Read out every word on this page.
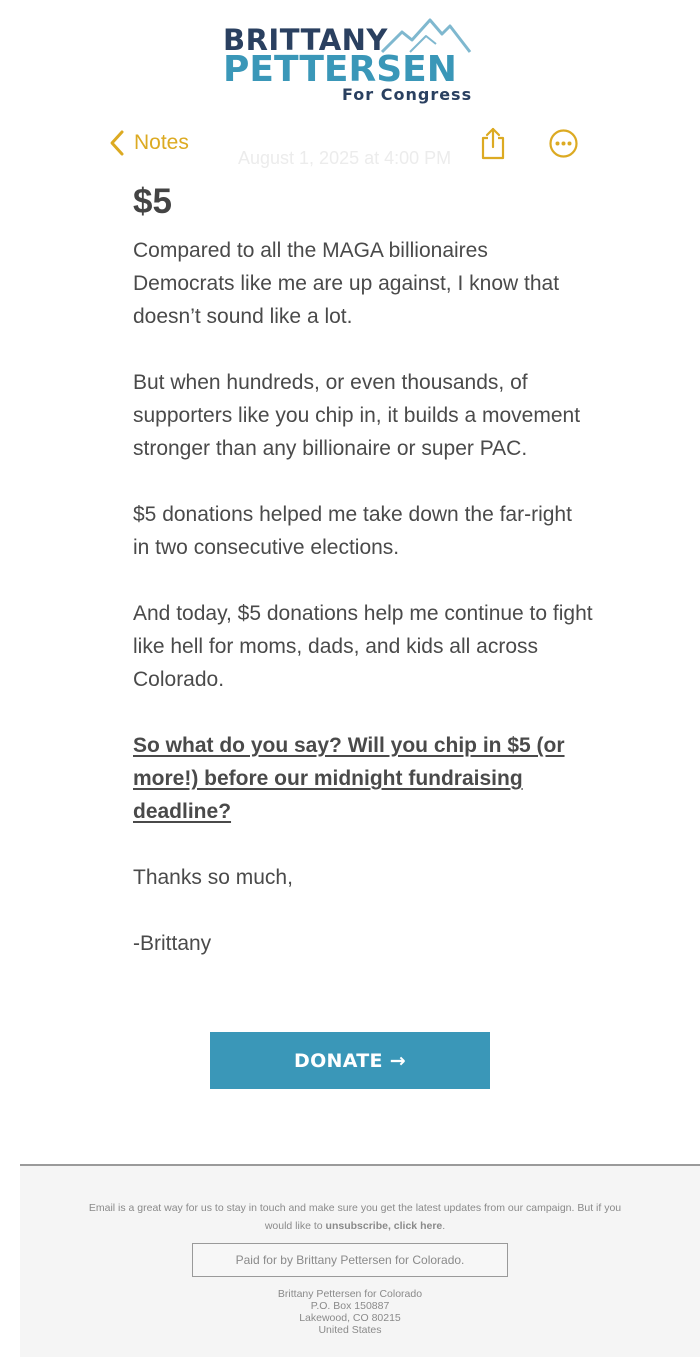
BRITTANY
PETTERSEN
For Congress
Notes
August 1, 2025 at 4:00 PM
$5

Compared to all the MAGA billionaires Democrats like me are up against, I know that doesn’t sound like a lot.

But when hundreds, or even thousands, of supporters like you chip in, it builds a movement stronger than any billionaire or super PAC.

$5 donations helped me take down the far-right in two consecutive elections.

And today, $5 donations help me continue to fight like hell for moms, dads, and kids all across Colorado.

So what do you say? Will you chip in $5 (or more!) before our midnight fundraising deadline?

Thanks so much,

-Brittany

DONATE →
Email is a great way for us to stay in touch and make sure you get the latest updates from our campaign. But if you would like to unsubscribe, click here.
Paid for by Brittany Pettersen for Colorado.
Brittany Pettersen for Colorado
P.O. Box 150887
Lakewood, CO 80215
United States
